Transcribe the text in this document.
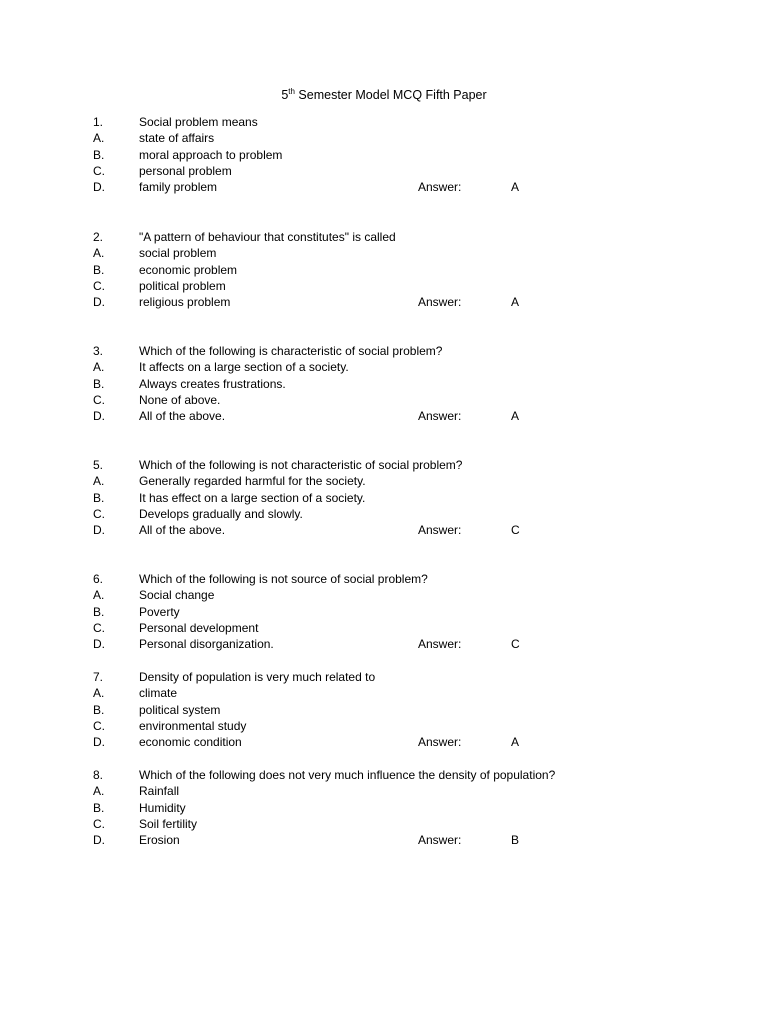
5th Semester Model MCQ Fifth Paper
1.	Social problem means
A.	state of affairs
B.	moral approach to problem
C.	personal problem
D.	family problem	Answer:	A
2.	"A pattern of behaviour that constitutes" is called
A.	social problem
B.	economic problem
C.	political problem
D.	religious problem	Answer:	A
3.	Which of the following is characteristic of social problem?
A.	It affects on a large section of a society.
B.	Always creates frustrations.
C.	None of above.
D.	All of the above.	Answer:	A
5.	Which of the following is not characteristic of social problem?
A.	Generally regarded harmful for the society.
B.	It has effect on a large section of a society.
C.	Develops gradually and slowly.
D.	All of the above.	Answer:	C
6.	Which of the following is not source of social problem?
A.	Social change
B.	Poverty
C.	Personal development
D.	Personal disorganization.	Answer:	C
7.	Density of population is very much related to
A.	climate
B.	political system
C.	environmental study
D.	economic condition	Answer:	A
8.	Which of the following does not very much influence the density of population?
A.	Rainfall
B.	Humidity
C.	Soil fertility
D.	Erosion	Answer:	B
